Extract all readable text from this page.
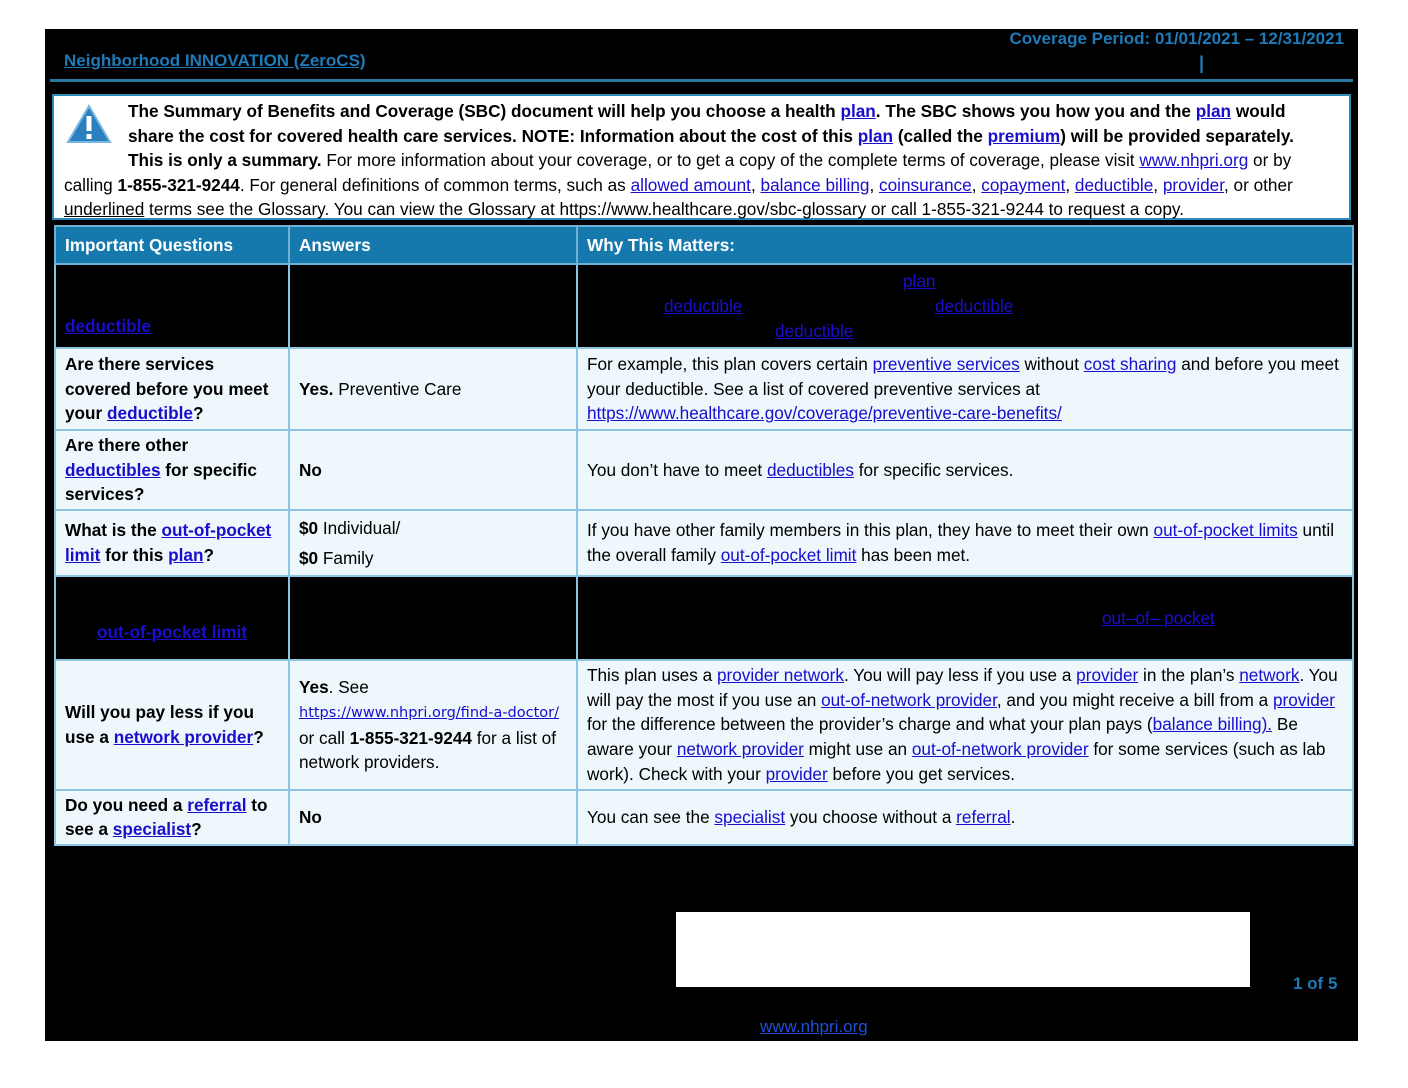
Neighborhood INNOVATION (ZeroCS)
Coverage Period: 01/01/2021 – 12/31/2021
|
The Summary of Benefits and Coverage (SBC) document will help you choose a health plan. The SBC shows you how you and the plan would
share the cost for covered health care services. NOTE: Information about the cost of this plan (called the premium) will be provided separately.
This is only a summary. For more information about your coverage, or to get a copy of the complete terms of coverage, please visit www.nhpri.org or by
calling 1-855-321-9244. For general definitions of common terms, such as allowed amount, balance billing, coinsurance, copayment, deductible, provider, or other
underlined terms see the Glossary. You can view the Glossary at https://www.healthcare.gov/sbc-glossary or call 1-855-321-9244 to request a copy.
Important Questions	Answers	Why This Matters:
deductible		plan
deductible deductible
deductible

Are there services covered before you meet your deductible?	Yes. Preventive Care	For example, this plan covers certain preventive services without cost sharing and before you meet your deductible. See a list of covered preventive services at https://www.healthcare.gov/coverage/preventive-care-benefits/
Are there other deductibles for specific services?	No	You don’t have to meet deductibles for specific services.
What is the out-of-pocket limit for this plan?	$0 Individual/
$0 Family	If you have other family members in this plan, they have to meet their own out-of-pocket limits until the overall family out-of-pocket limit has been met.
out-of-pocket limit		out–of– pocket

Will you pay less if you use a network provider?	Yes. See
https://www.nhpri.org/find-a-doctor/ or call 1-855-321-9244 for a list of network providers.	This plan uses a provider network. You will pay less if you use a provider in the plan’s network. You will pay the most if you use an out-of-network provider, and you might receive a bill from a provider for the difference between the provider’s charge and what your plan pays (balance billing). Be aware your network provider might use an out-of-network provider for some services (such as lab work). Check with your provider before you get services.
Do you need a referral to see a specialist?	No	You can see the specialist you choose without a referral.
1 of 5
www.nhpri.org
